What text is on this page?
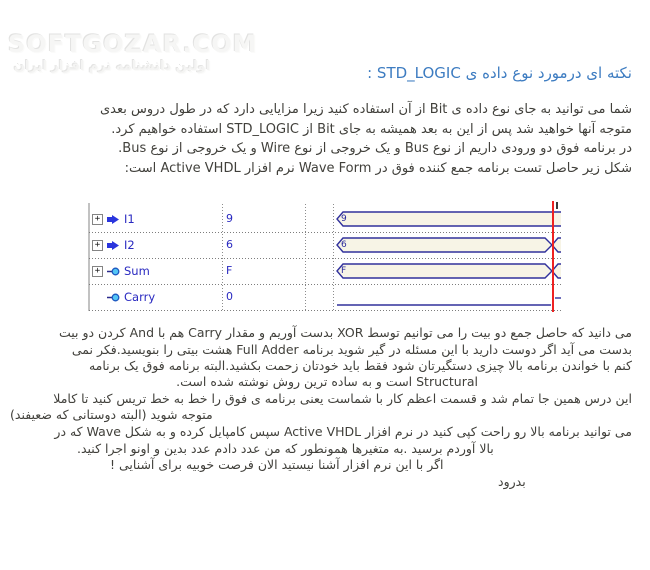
SOFTGOZAR.COM
اولین دانشنامه نرم افزار ایران	نکته ای درمورد نوع داده ی STD_LOGIC :
شما می توانید به جای نوع داده ی Bit از آن استفاده کنید زیرا مزایایی دارد که در طول دروس بعدی
متوجه آنها خواهید شد پس از این به بعد همیشه به جای Bit از STD_LOGIC استفاده خواهیم کرد.
در برنامه فوق دو ورودی داریم از نوع Bus و یک خروجی از نوع Wire و یک خروجی از نوع Bus.
شکل زیر حاصل تست برنامه جمع کننده فوق در Wave Form نرم افزار Active VHDL است:
+ I1
+ I2
+ Sum
Carry
9
6
F
0
9
6
F
می دانید که حاصل جمع دو بیت را می توانیم توسط XOR بدست آوریم و مقدار Carry هم با And کردن دو بیت
بدست می آید اگر دوست دارید با این مسئله در گیر شوید برنامه Full Adder هشت بیتی را بنویسید.فکر نمی
کنم با خواندن برنامه بالا چیزی دستگیرتان شود فقط باید خودتان زحمت بکشید.البته برنامه فوق یک برنامه
Structural است و به ساده ترین روش نوشته شده است.
این درس همین جا تمام شد و قسمت اعظم کار با شماست یعنی برنامه ی فوق را خط به خط تریس کنید تا کاملا
متوجه شوید (البته دوستانی که ضعیفند)
می توانید برنامه بالا رو راحت کپی کنید در نرم افزار Active VHDL سپس کامپایل کرده و به شکل Wave که در
بالا آوردم برسید .به متغیرها همونطور که من عدد دادم عدد بدین و اونو اجرا کنید.
اگر با این نرم افزار آشنا نیستید الان فرصت خوبیه برای آشنایی !
بدرود
